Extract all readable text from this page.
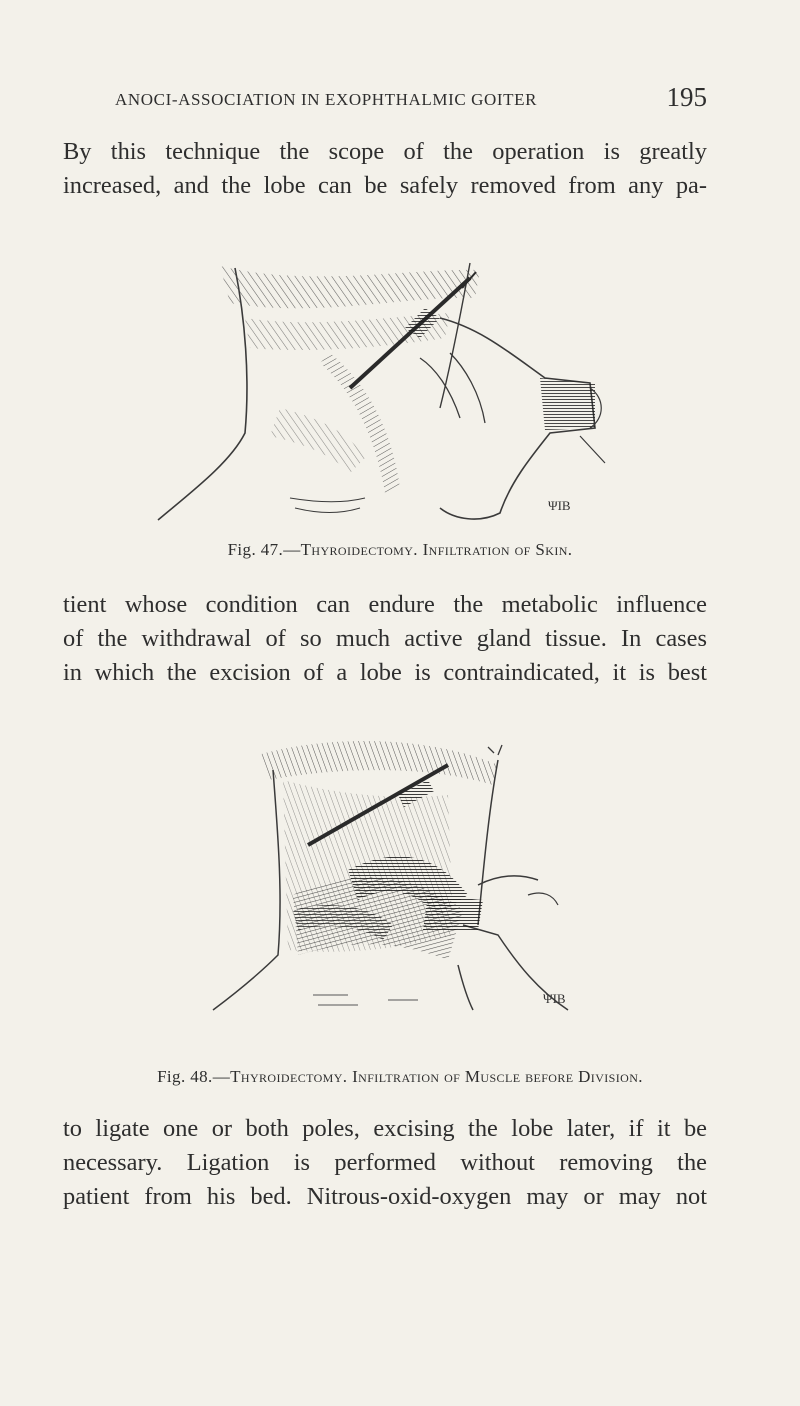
ANOCI-ASSOCIATION IN EXOPHTHALMIC GOITER	195
By this technique the scope of the operation is greatly
increased, and the lobe can be safely removed from any pa-
ΨIB
Fig. 47.—Thyroidectomy. Infiltration of Skin.
tient whose condition can endure the metabolic influence
of the withdrawal of so much active gland tissue. In cases
in which the excision of a lobe is contraindicated, it is best
ΨIB
Fig. 48.—Thyroidectomy. Infiltration of Muscle before Division.
to ligate one or both poles, excising the lobe later, if it be
necessary. Ligation is performed without removing the
patient from his bed. Nitrous-oxid-oxygen may or may not
